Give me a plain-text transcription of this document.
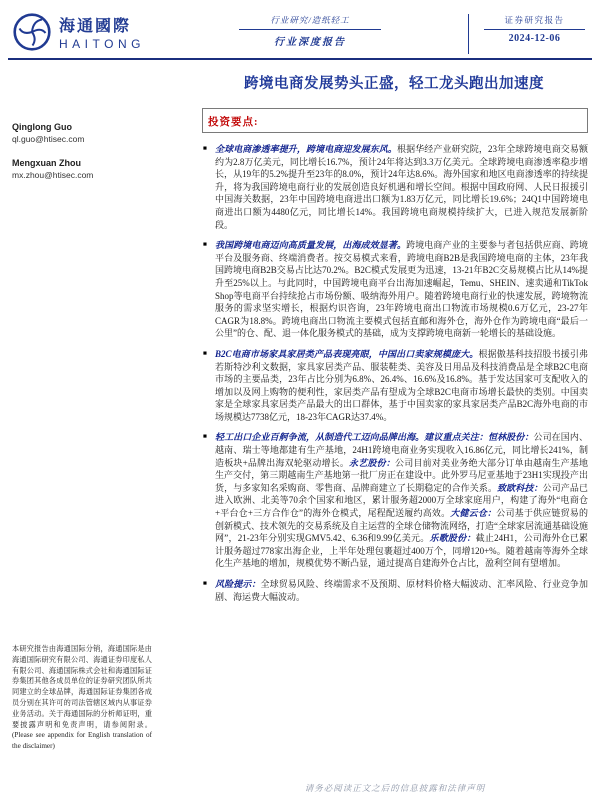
海通國際
HAITONG
行业研究/造纸轻工
行业深度报告
证券研究报告
2024-12-06
跨境电商发展势头正盛，轻工龙头跑出加速度
Qinglong Guo
ql.guo@htisec.com
Mengxuan Zhou
mx.zhou@htisec.com
本研究报告由海通国际分销，海通国际是由海通国际研究有限公司、海通证券印度私人有限公司、海通国际株式会社和海通国际证券集团其他各成员单位的证券研究团队所共同建立的全球品牌，海通国际证券集团各成员分别在其许可的司法管辖区域内从事证券业务活动。关于海通国际的分析师证明，重要披露声明和免责声明，请参阅附录。(Please see appendix for English translation of the disclaimer)
投资要点:
■ 全球电商渗透率提升，跨境电商迎发展东风。根据华经产业研究院，23年全球跨境电商交易额约为2.8万亿美元，同比增长16.7%，预计24年将达到3.3万亿美元。全球跨境电商渗透率稳步增长，从19年的5.2%提升至23年的8.0%，预计24年达8.6%。海外国家和地区电商渗透率的持续提升，将为我国跨境电商行业的发展创造良好机遇和增长空间。根据中国政府网、人民日报援引中国海关数据，23年中国跨境电商进出口额为1.83万亿元，同比增长19.6%；24Q1中国跨境电商进出口额为4480亿元，同比增长14%。我国跨境电商规模持续扩大，已进入规范发展新阶段。
■ 我国跨境电商迈向高质量发展，出海成效显著。跨境电商产业的主要参与者包括供应商、跨境平台及服务商、终端消费者。按交易模式来看，跨境电商B2B是我国跨境电商的主体，23年我国跨境电商B2B交易占比达70.2%。B2C模式发展更为迅速，13-21年B2C交易规模占比从14%提升至25%以上。与此同时，中国跨境电商平台出海加速崛起，Temu、SHEIN、速卖通和TikTok Shop等电商平台持续抢占市场份额、吸纳海外用户。随着跨境电商行业的快速发展，跨境物流服务的需求坚实增长，根据灼识咨询，23年跨境电商出口物流市场规模0.6万亿元，23-27年CAGR为18.8%。跨境电商出口物流主要模式包括直邮和海外仓，海外仓作为跨境电商“最后一公里”的仓、配、退一体化服务模式的基础，成为支撑跨境电商新一轮增长的基础设施。
■ B2C电商市场家具家居类产品表现亮眼，中国出口卖家规模庞大。根据傲基科技招股书援引弗若斯特沙利文数据，家具家居类产品、服装鞋类、美容及日用品及科技消费品是全球B2C电商市场的主要品类，23年占比分别为6.8%、26.4%、16.6%及16.8%。基于发达国家可支配收入的增加以及网上购物的便利性，家居类产品有望成为全球B2C电商市场增长最快的类别。中国卖家是全球家具家居类产品最大的出口群体，基于中国卖家的家具家居类产品B2C海外电商的市场规模达7738亿元，18-23年CAGR达37.4%。
■ 轻工出口企业百舸争流，从制造代工迈向品牌出海。建议重点关注：恒林股份：公司在国内、越南、瑞士等地都建有生产基地，24H1跨境电商业务实现收入16.86亿元，同比增长241%，制造板块+品牌出海双轮驱动增长。永艺股份：公司目前对美业务绝大部分订单由越南生产基地生产交付，第三期越南生产基地第一批厂房正在建设中。此外罗马尼亚基地于23H1实现投产出货，与多家知名采购商、零售商、品牌商建立了长期稳定的合作关系。致欧科技：公司产品已进入欧洲、北美等70余个国家和地区，累计服务超2000万全球家庭用户，构建了海外“电商仓+平台仓+三方合作仓”的海外仓模式，尾程配送履约高效。大健云仓：公司基于供应链贸易的创新模式、技术领先的交易系统及自主运营的全球仓储物流网络，打造“全球家居流通基础设施网”，21-23年分别实现GMV5.42、6.36和9.99亿美元。乐歌股份：截止24H1，公司海外仓已累计服务超过778家出海企业，上半年处理包裹超过400万个，同增120+%。随着越南等海外全球化生产基地的增加，规模优势不断凸显，通过提高自建海外仓占比，盈利空间有望增加。
■ 风险提示：全球贸易风险、终端需求不及预期、原材料价格大幅波动、汇率风险、行业竞争加剧、海运费大幅波动。
请务必阅读正文之后的信息披露和法律声明
